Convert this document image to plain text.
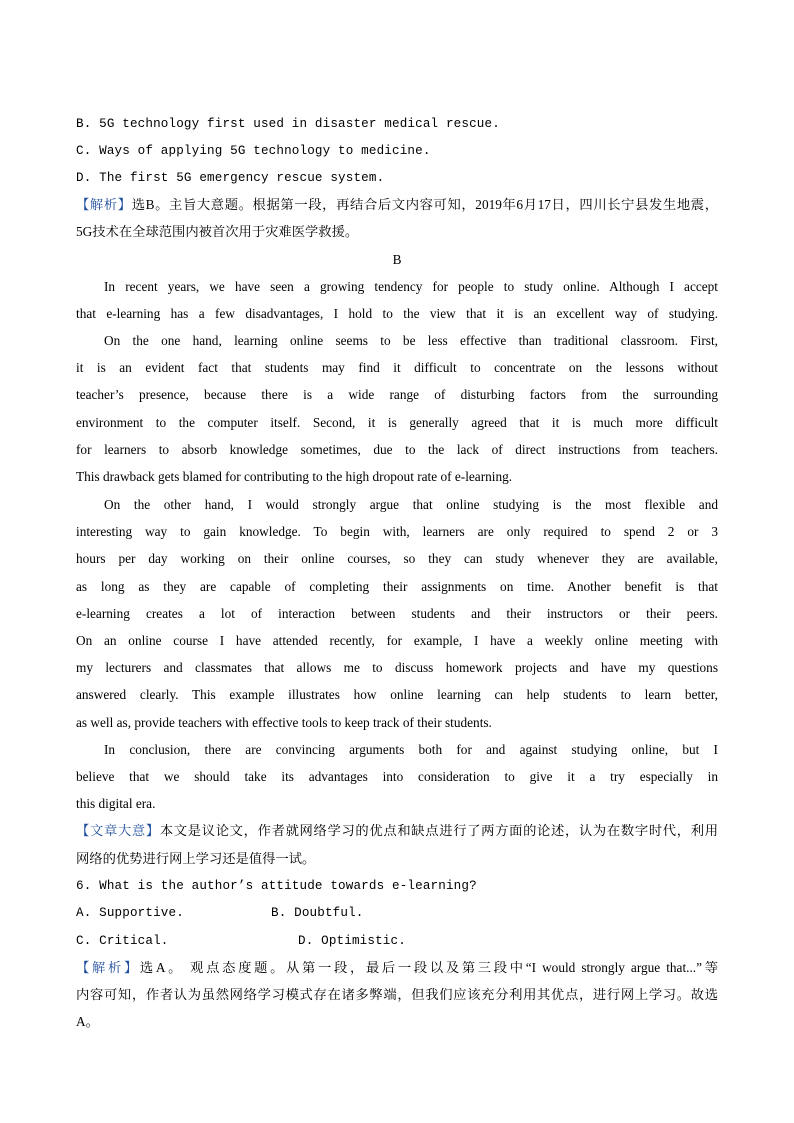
B. 5G technology first used in disaster medical rescue.

C. Ways of applying 5G technology to medicine.

D. The first 5G emergency rescue system.

【解析】选B。主旨大意题。根据第一段，再结合后文内容可知，2019年6月17日，四川长宁县发生地震，

5G技术在全球范围内被首次用于灾难医学救援。

B

In recent years, we have seen a growing tendency for people to study online. Although I accept

that e-learning has a few disadvantages, I hold to the view that it is an excellent way of studying.

On the one hand, learning online seems to be less effective than traditional classroom. First,

it is an evident fact that students may find it difficult to concentrate on the lessons without

teacher’s presence, because there is a wide range of disturbing factors from the surrounding

environment to the computer itself. Second, it is generally agreed that it is much more difficult

for learners to absorb knowledge sometimes, due to the lack of direct instructions from teachers.

This drawback gets blamed for contributing to the high dropout rate of e-learning.

On the other hand, I would strongly argue that online studying is the most flexible and

interesting way to gain knowledge. To begin with, learners are only required to spend 2 or 3

hours per day working on their online courses, so they can study whenever they are available,

as long as they are capable of completing their assignments on time. Another benefit is that

e-learning creates a lot of interaction between students and their instructors or their peers.

On an online course I have attended recently, for example, I have a weekly online meeting with

my lecturers and classmates that allows me to discuss homework projects and have my questions

answered clearly. This example illustrates how online learning can help students to learn better,

as well as, provide teachers with effective tools to keep track of their students.

In conclusion, there are convincing arguments both for and against studying online, but I

believe that we should take its advantages into consideration to give it a try especially in

this digital era.

【文章大意】本文是议论文，作者就网络学习的优点和缺点进行了两方面的论述，认为在数字时代，利用

网络的优势进行网上学习还是值得一试。

6. What is the author’s attitude towards e-learning?

A. Supportive.	B. Doubtful.
C. Critical.	D. Optimistic.

【解析】选A。 观点态度题。从第一段，最后一段以及第三段中“I would strongly argue that...”等

内容可知，作者认为虽然网络学习模式存在诸多弊端，但我们应该充分利用其优点，进行网上学习。故选

A。
